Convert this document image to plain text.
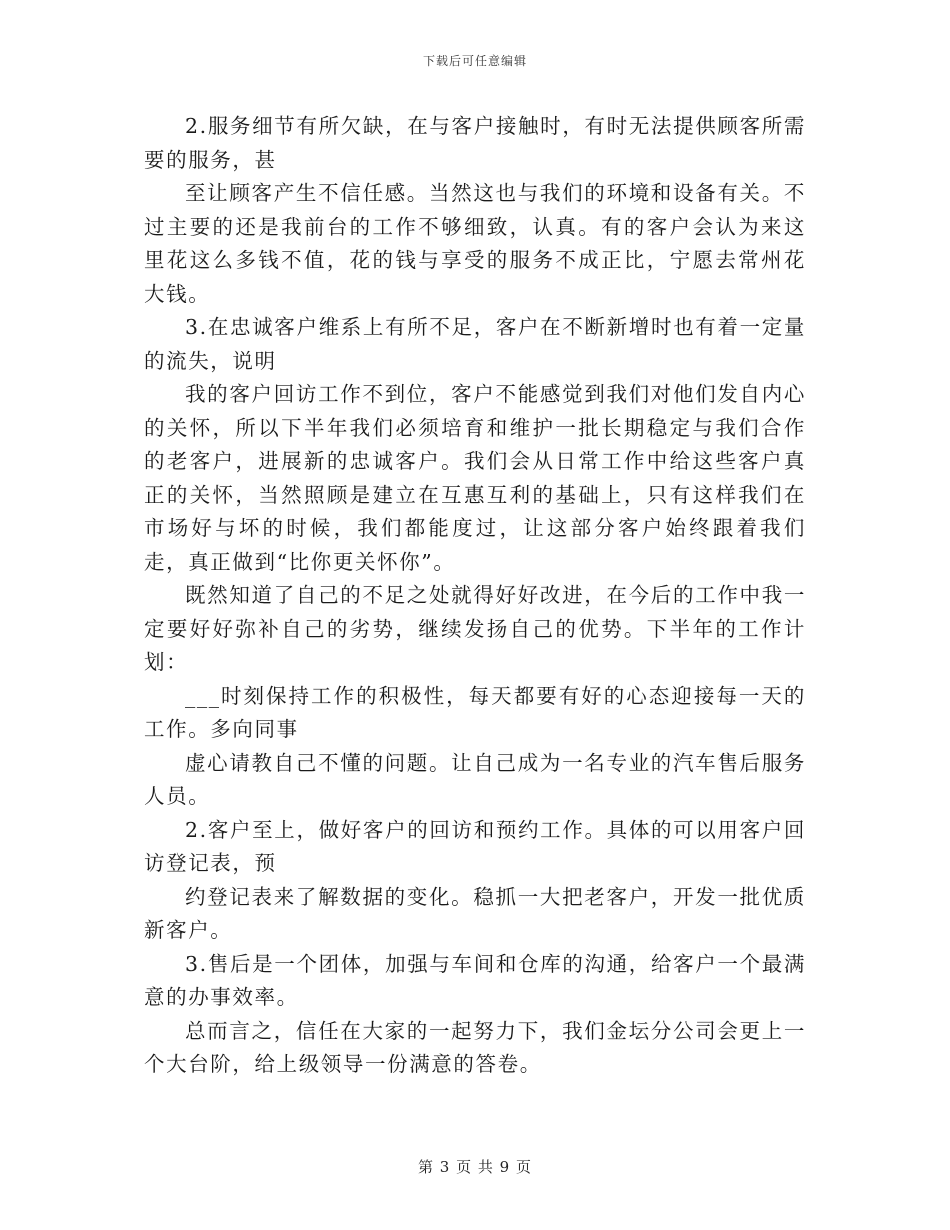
下载后可任意编辑

2.服务细节有所欠缺，在与客户接触时，有时无法提供顾客所需要的服务，甚

至让顾客产生不信任感。当然这也与我们的环境和设备有关。不过主要的还是我前台的工作不够细致，认真。有的客户会认为来这里花这么多钱不值，花的钱与享受的服务不成正比，宁愿去常州花大钱。

3.在忠诚客户维系上有所不足，客户在不断新增时也有着一定量的流失，说明

我的客户回访工作不到位，客户不能感觉到我们对他们发自内心的关怀，所以下半年我们必须培育和维护一批长期稳定与我们合作的老客户，进展新的忠诚客户。我们会从日常工作中给这些客户真正的关怀，当然照顾是建立在互惠互利的基础上，只有这样我们在市场好与坏的时候，我们都能度过，让这部分客户始终跟着我们走，真正做到“比你更关怀你”。

既然知道了自己的不足之处就得好好改进，在今后的工作中我一定要好好弥补自己的劣势，继续发扬自己的优势。下半年的工作计划：

___时刻保持工作的积极性，每天都要有好的心态迎接每一天的工作。多向同事

虚心请教自己不懂的问题。让自己成为一名专业的汽车售后服务人员。

2.客户至上，做好客户的回访和预约工作。具体的可以用客户回访登记表，预

约登记表来了解数据的变化。稳抓一大把老客户，开发一批优质新客户。

3.售后是一个团体，加强与车间和仓库的沟通，给客户一个最满意的办事效率。

总而言之，信任在大家的一起努力下，我们金坛分公司会更上一个大台阶，给上级领导一份满意的答卷。

第 3 页 共 9 页
